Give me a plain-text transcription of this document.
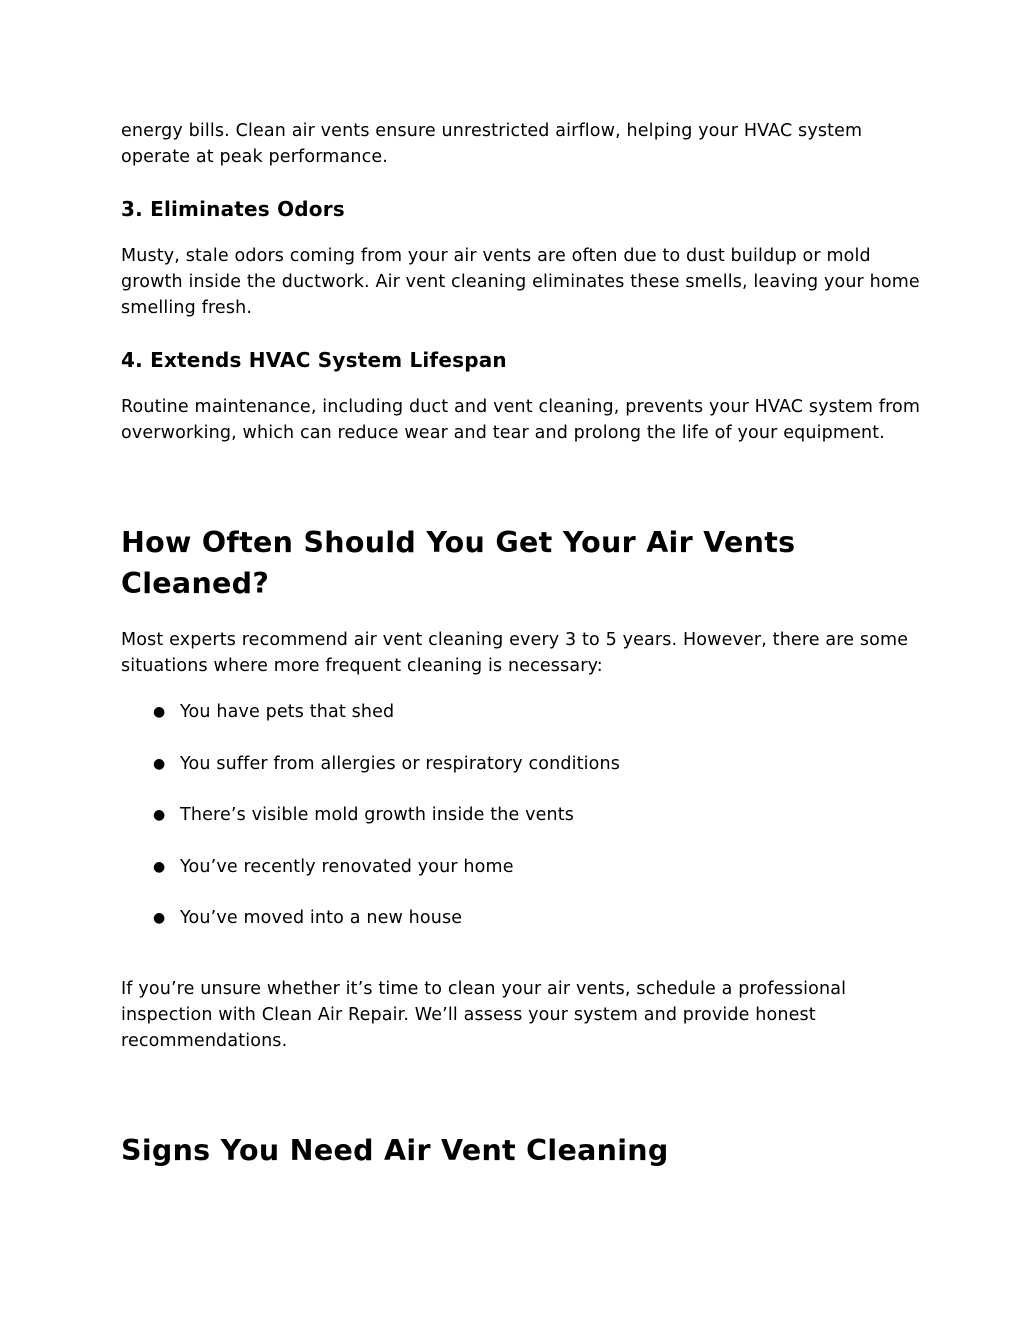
energy bills. Clean air vents ensure unrestricted airflow, helping your HVAC system operate at peak performance.

3. Eliminates Odors

Musty, stale odors coming from your air vents are often due to dust buildup or mold growth inside the ductwork. Air vent cleaning eliminates these smells, leaving your home smelling fresh.

4. Extends HVAC System Lifespan

Routine maintenance, including duct and vent cleaning, prevents your HVAC system from overworking, which can reduce wear and tear and prolong the life of your equipment.

How Often Should You Get Your Air Vents Cleaned?

Most experts recommend air vent cleaning every 3 to 5 years. However, there are some situations where more frequent cleaning is necessary:

● You have pets that shed
● You suffer from allergies or respiratory conditions
● There’s visible mold growth inside the vents
● You’ve recently renovated your home
● You’ve moved into a new house

If you’re unsure whether it’s time to clean your air vents, schedule a professional inspection with Clean Air Repair. We’ll assess your system and provide honest recommendations.

Signs You Need Air Vent Cleaning
